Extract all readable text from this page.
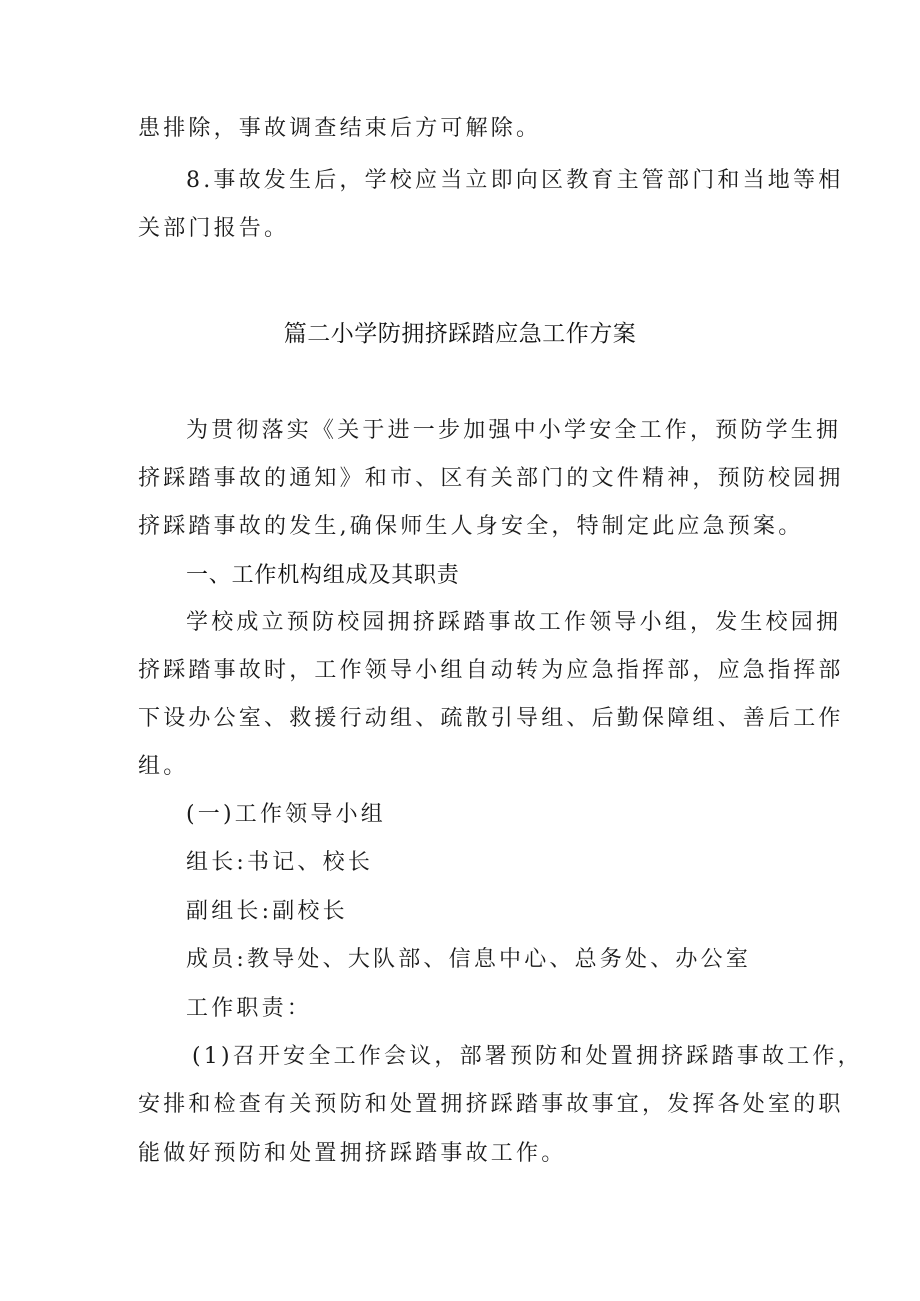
患排除，事故调查结束后方可解除。
8.事故发生后，学校应当立即向区教育主管部门和当地等相
关部门报告。
篇二小学防拥挤踩踏应急工作方案
为贯彻落实《关于进一步加强中小学安全工作，预防学生拥
挤踩踏事故的通知》和市、区有关部门的文件精神，预防校园拥
挤踩踏事故的发生,确保师生人身安全，特制定此应急预案。
一、工作机构组成及其职责
学校成立预防校园拥挤踩踏事故工作领导小组，发生校园拥
挤踩踏事故时，工作领导小组自动转为应急指挥部，应急指挥部
下设办公室、救援行动组、疏散引导组、后勤保障组、善后工作
组。
(一)工作领导小组
组长:书记、校长
副组长:副校长
成员:教导处、大队部、信息中心、总务处、办公室
工作职责：
(1)召开安全工作会议，部署预防和处置拥挤踩踏事故工作，
安排和检查有关预防和处置拥挤踩踏事故事宜，发挥各处室的职
能做好预防和处置拥挤踩踏事故工作。
